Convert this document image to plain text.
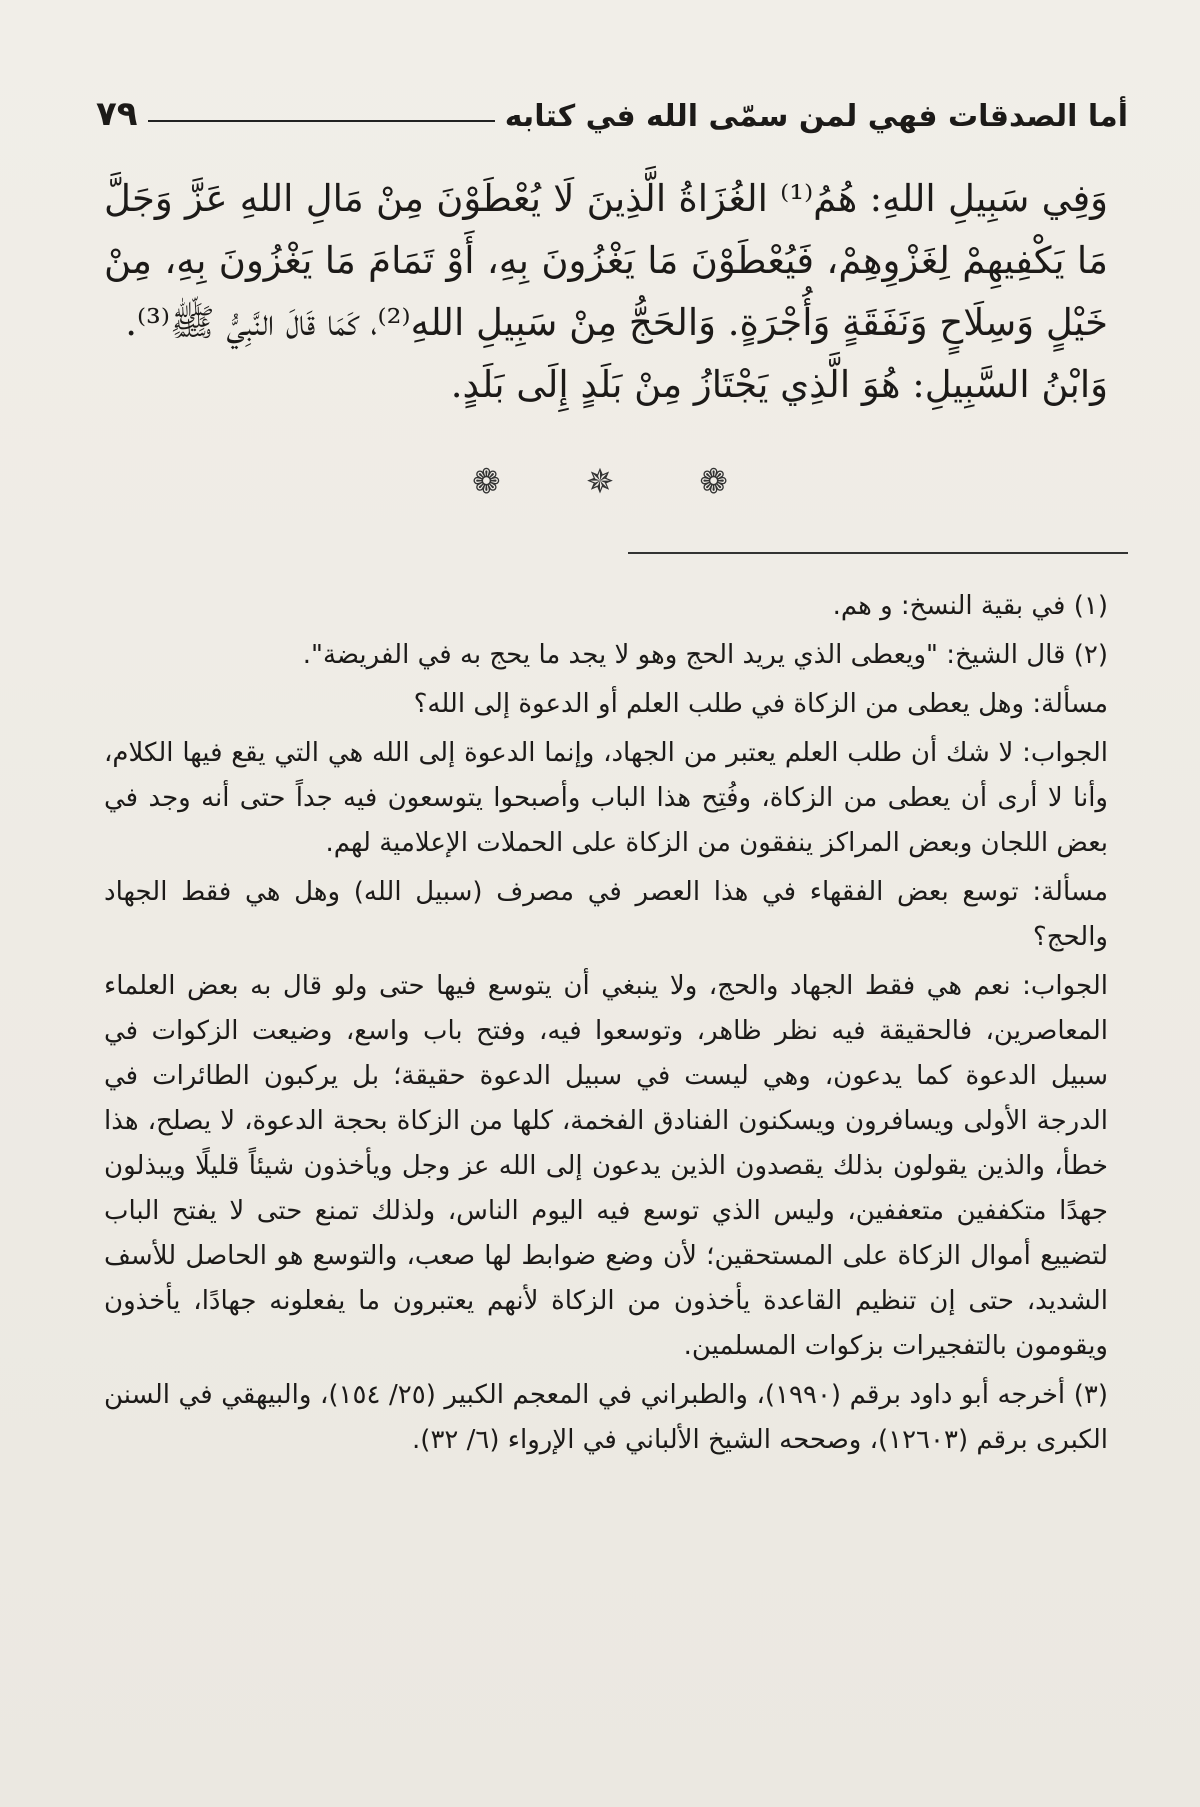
أما الصدقات فهي لمن سمّى الله في كتابه
٧٩

وَفِي سَبِيلِ اللهِ: هُمُ⁽¹⁾ الغُزَاةُ الَّذِينَ لَا يُعْطَوْنَ مِنْ مَالِ اللهِ عَزَّ وَجَلَّ مَا يَكْفِيهِمْ لِغَزْوِهِمْ، فَيُعْطَوْنَ مَا يَغْزُونَ بِهِ، أَوْ تَمَامَ مَا يَغْزُونَ بِهِ، مِنْ خَيْلٍ وَسِلَاحٍ وَنَفَقَةٍ وَأُجْرَةٍ. وَالحَجُّ مِنْ سَبِيلِ اللهِ⁽²⁾، كَمَا قَالَ النَّبِيُّ ﷺ⁽³⁾.

وَابْنُ السَّبِيلِ: هُوَ الَّذِي يَجْتَازُ مِنْ بَلَدٍ إِلَى بَلَدٍ.

❁ ✵ ❁

(١) في بقية النسخ: و هم.

(٢) قال الشيخ: "ويعطى الذي يريد الحج وهو لا يجد ما يحج به في الفريضة".

مسألة: وهل يعطى من الزكاة في طلب العلم أو الدعوة إلى الله؟

الجواب: لا شك أن طلب العلم يعتبر من الجهاد، وإنما الدعوة إلى الله هي التي يقع فيها الكلام، وأنا لا أرى أن يعطى من الزكاة، وفُتِح هذا الباب وأصبحوا يتوسعون فيه جداً حتى أنه وجد في بعض اللجان وبعض المراكز ينفقون من الزكاة على الحملات الإعلامية لهم.

مسألة: توسع بعض الفقهاء في هذا العصر في مصرف (سبيل الله) وهل هي فقط الجهاد والحج؟

الجواب: نعم هي فقط الجهاد والحج، ولا ينبغي أن يتوسع فيها حتى ولو قال به بعض العلماء المعاصرين، فالحقيقة فيه نظر ظاهر، وتوسعوا فيه، وفتح باب واسع، وضيعت الزكوات في سبيل الدعوة كما يدعون، وهي ليست في سبيل الدعوة حقيقة؛ بل يركبون الطائرات في الدرجة الأولى ويسافرون ويسكنون الفنادق الفخمة، كلها من الزكاة بحجة الدعوة، لا يصلح، هذا خطأ، والذين يقولون بذلك يقصدون الذين يدعون إلى الله عز وجل ويأخذون شيئاً قليلًا ويبذلون جهدًا متكففين متعففين، وليس الذي توسع فيه اليوم الناس، ولذلك تمنع حتى لا يفتح الباب لتضييع أموال الزكاة على المستحقين؛ لأن وضع ضوابط لها صعب، والتوسع هو الحاصل للأسف الشديد، حتى إن تنظيم القاعدة يأخذون من الزكاة لأنهم يعتبرون ما يفعلونه جهادًا، يأخذون ويقومون بالتفجيرات بزكوات المسلمين.

(٣) أخرجه أبو داود برقم (١٩٩٠)، والطبراني في المعجم الكبير (٢٥/ ١٥٤)، والبيهقي في السنن الكبرى برقم (١٢٦٠٣)، وصححه الشيخ الألباني في الإرواء (٦/ ٣٢).
